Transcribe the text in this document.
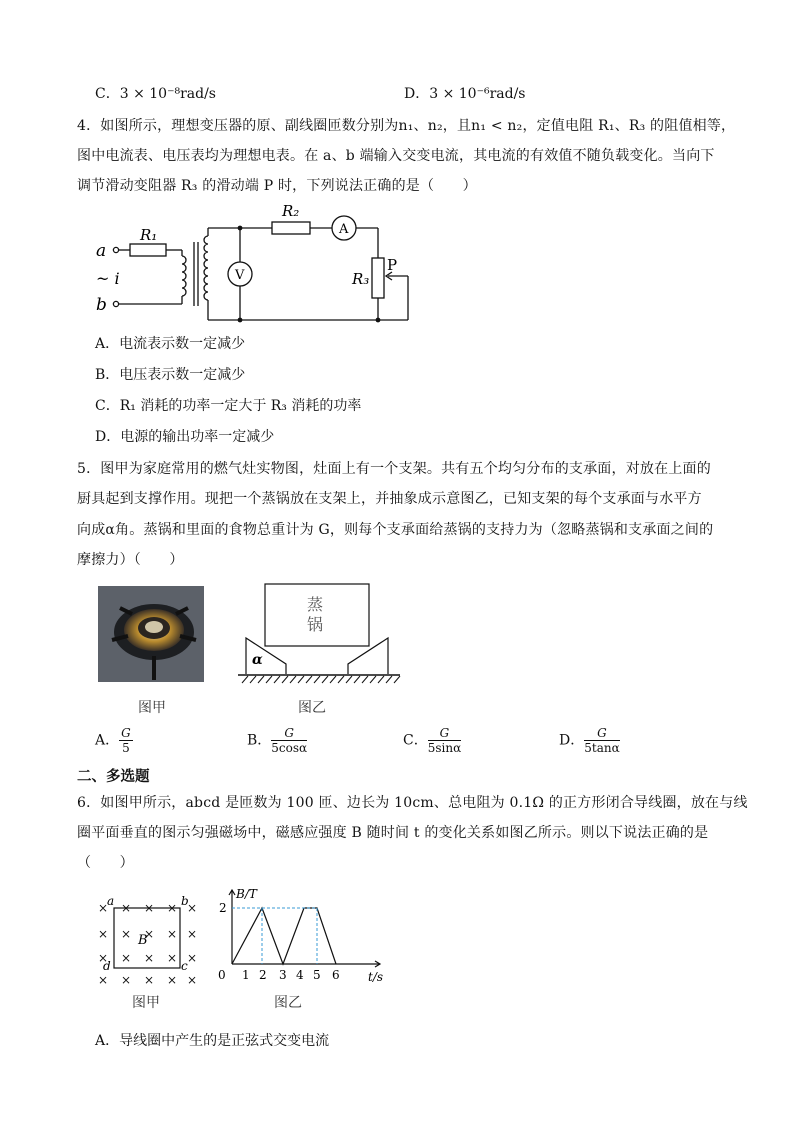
C．3 × 10⁻⁸rad/s	D．3 × 10⁻⁶rad/s
4．如图所示，理想变压器的原、副线圈匝数分别为n₁、n₂，且n₁ < n₂，定值电阻 R₁、R₃ 的阻值相等，
图中电流表、电压表均为理想电表。在 a、b 端输入交变电流，其电流的有效值不随负载变化。当向下
调节滑动变阻器 R₃ 的滑动端 P 时，下列说法正确的是（　　）
a
b
~ i
R₁
R₂
R₃
P
V
A
A．电流表示数一定减少
B．电压表示数一定减少
C．R₁ 消耗的功率一定大于 R₃ 消耗的功率
D．电源的输出功率一定减少
5．图甲为家庭常用的燃气灶实物图，灶面上有一个支架。共有五个均匀分布的支承面，对放在上面的
厨具起到支撑作用。现把一个蒸锅放在支架上，并抽象成示意图乙，已知支架的每个支承面与水平方
向成α角。蒸锅和里面的食物总重计为 G，则每个支承面给蒸锅的支持力为（忽略蒸锅和支承面之间的
摩擦力）（　　）
蒸
锅
α
图甲	图乙
A． $\frac{G}{5}$	B． $\frac{G}{5\cos\alpha}$	C． $\frac{G}{5\sin\alpha}$	D． $\frac{G}{5\tan\alpha}$
二、多选题
6．如图甲所示，abcd 是匝数为 100 匝、边长为 10cm、总电阻为 0.1Ω 的正方形闭合导线圈，放在与线
圈平面垂直的图示匀强磁场中，磁感应强度 B 随时间 t 的变化关系如图乙所示。则以下说法正确的是
（　　）
× × × × ×
× × × × ×
× × × × ×
× × × × ×
a	b
c
d
B
图甲
B/T
2
0 1 2 3 4 5 6 t/s
图乙
A．导线圈中产生的是正弦式交变电流
